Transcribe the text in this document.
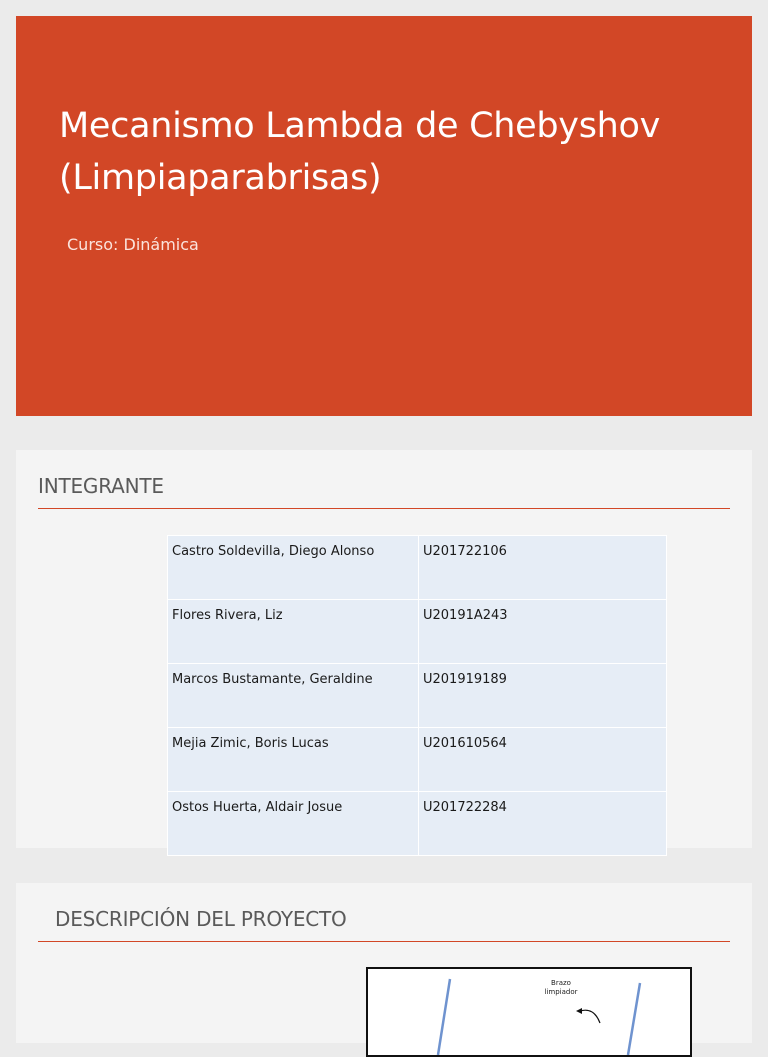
Mecanismo Lambda de Chebyshov
(Limpiaparabrisas)
Curso: Dinámica
INTEGRANTE
Castro Soldevilla, Diego Alonso	U201722106
Flores Rivera, Liz	U20191A243
Marcos Bustamante, Geraldine	U201919189
Mejia Zimic, Boris Lucas	U201610564
Ostos Huerta, Aldair Josue	U201722284
DESCRIPCIÓN DEL PROYECTO
Brazo
limpiador
